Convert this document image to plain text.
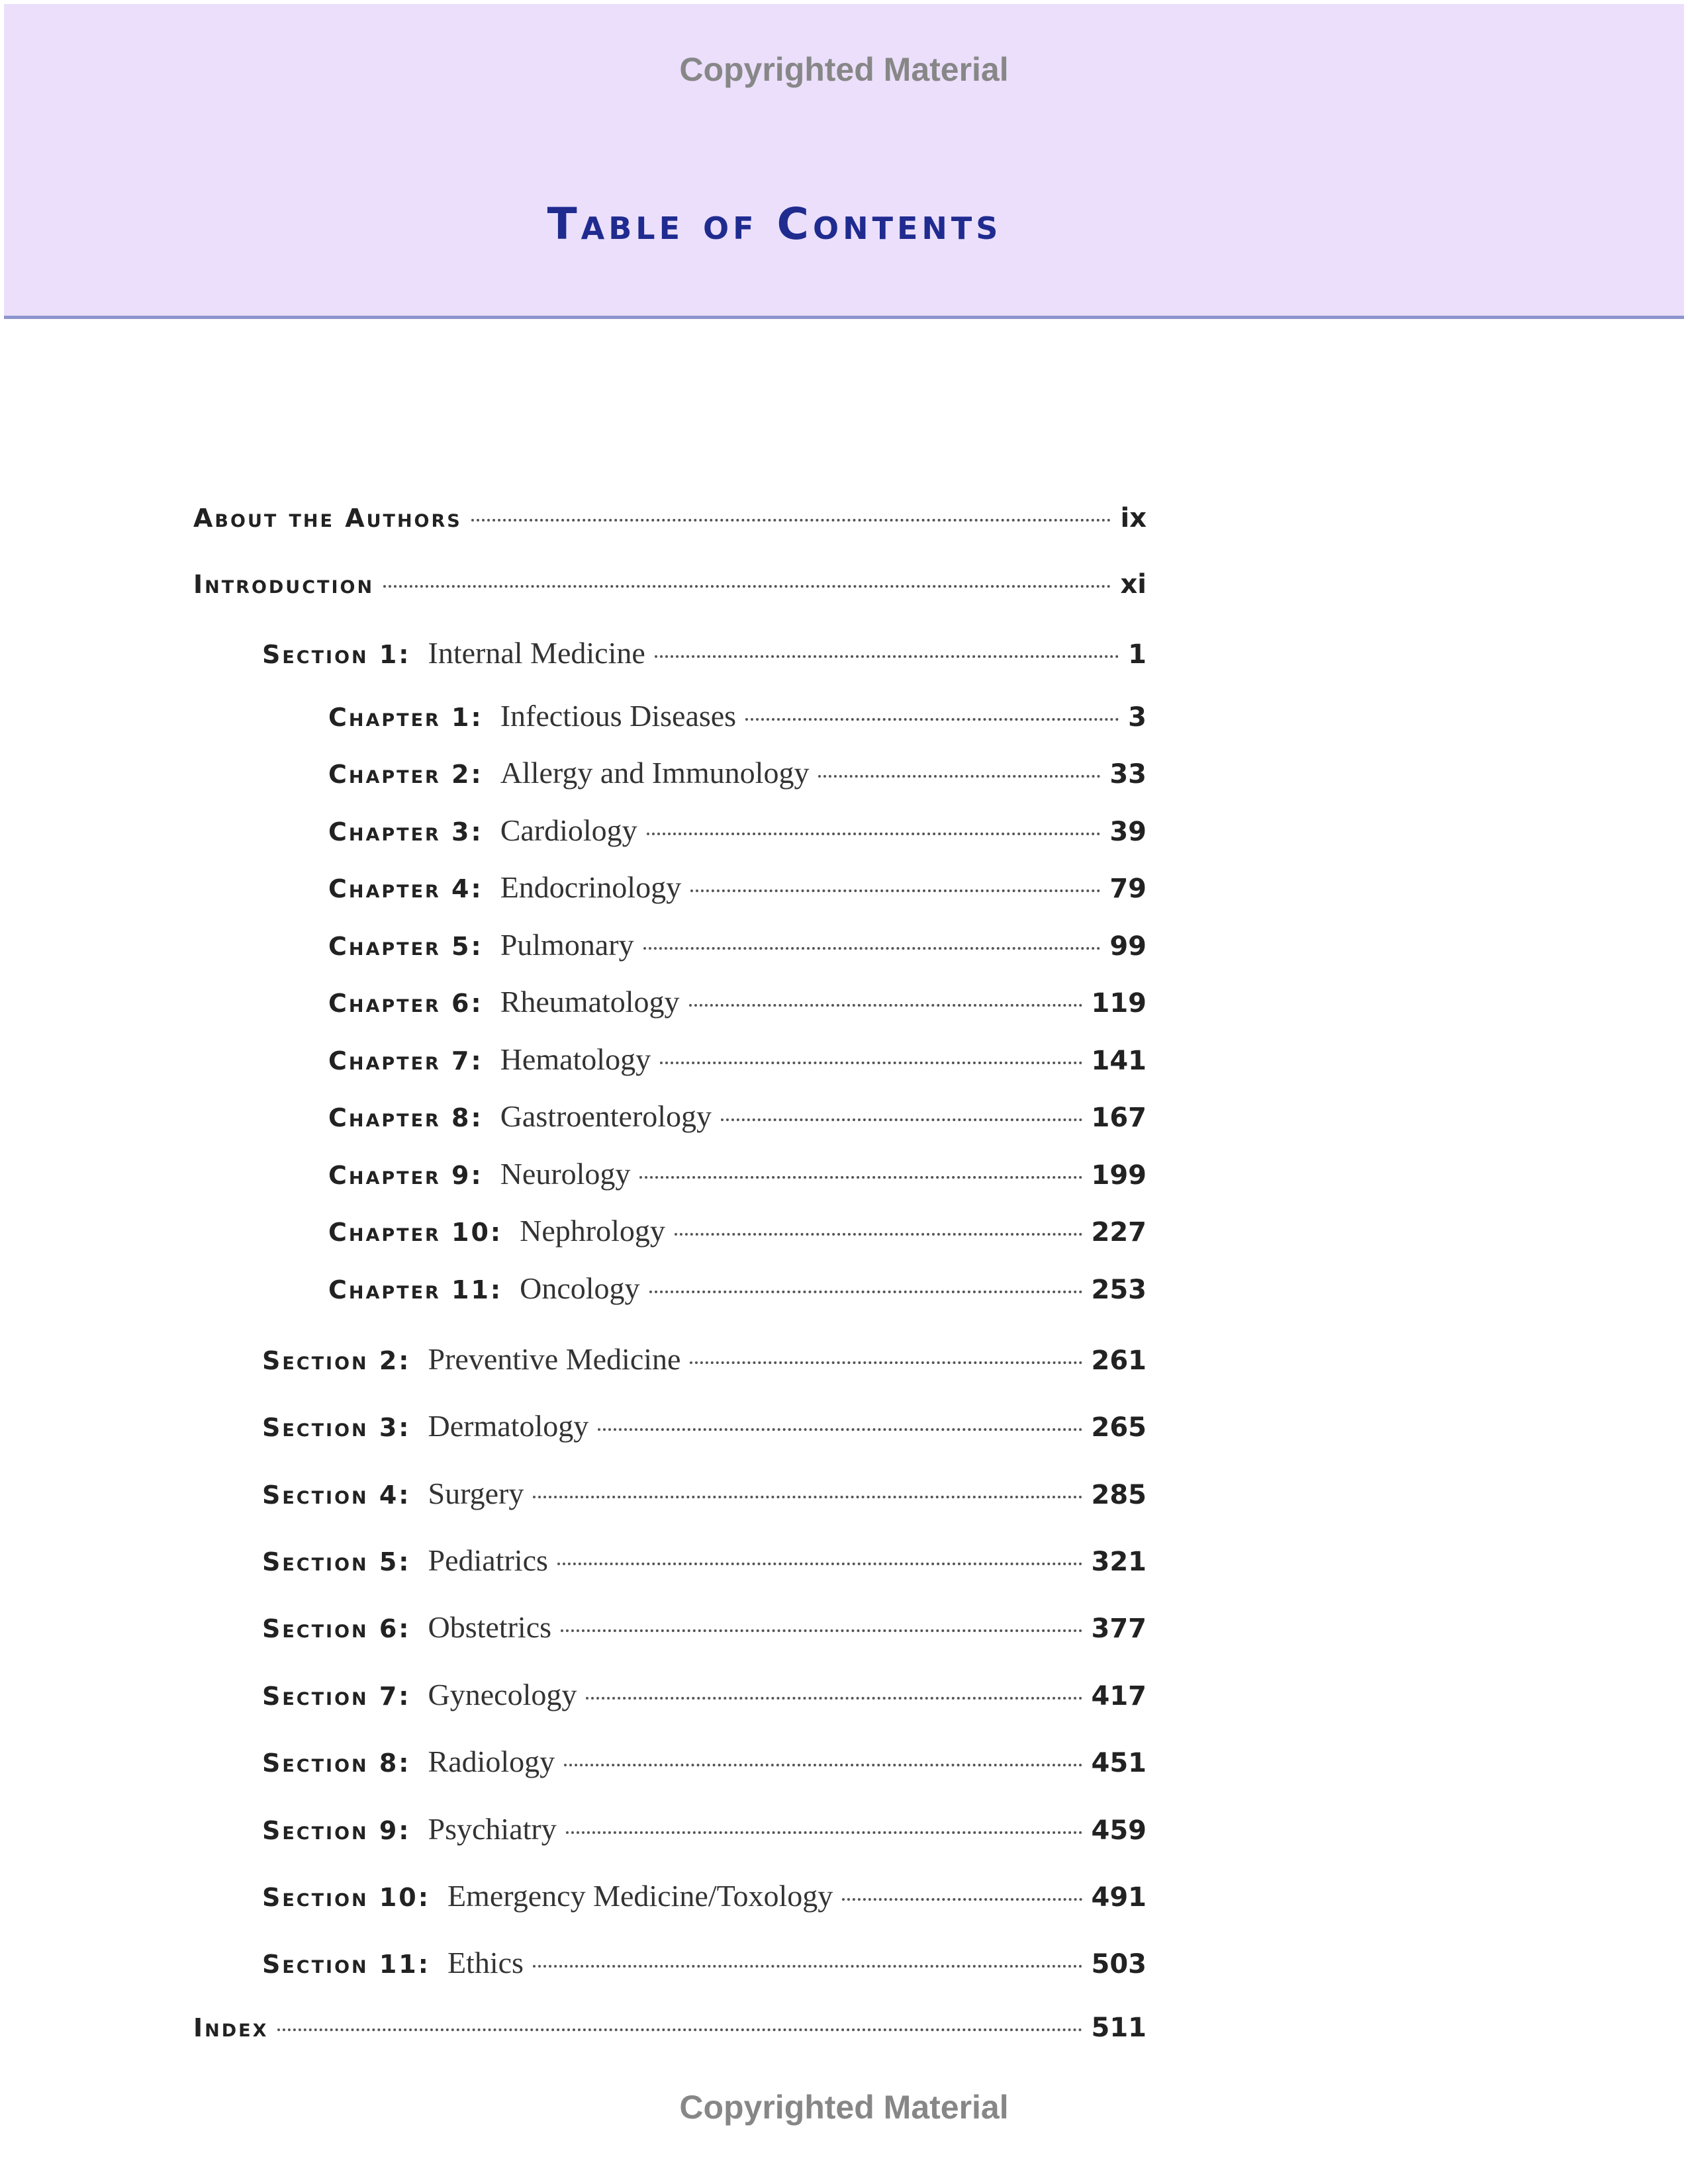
Copyrighted Material
Table of Contents
About the Authors	ix
Introduction	xi
Section 1: Internal Medicine	1
Chapter 1: Infectious Diseases	3
Chapter 2: Allergy and Immunology	33
Chapter 3: Cardiology	39
Chapter 4: Endocrinology	79
Chapter 5: Pulmonary	99
Chapter 6: Rheumatology	119
Chapter 7: Hematology	141
Chapter 8: Gastroenterology	167
Chapter 9: Neurology	199
Chapter 10: Nephrology	227
Chapter 11: Oncology	253
Section 2: Preventive Medicine	261
Section 3: Dermatology	265
Section 4: Surgery	285
Section 5: Pediatrics	321
Section 6: Obstetrics	377
Section 7: Gynecology	417
Section 8: Radiology	451
Section 9: Psychiatry	459
Section 10: Emergency Medicine/Toxology	491
Section 11: Ethics	503
Index	511
Copyrighted Material
